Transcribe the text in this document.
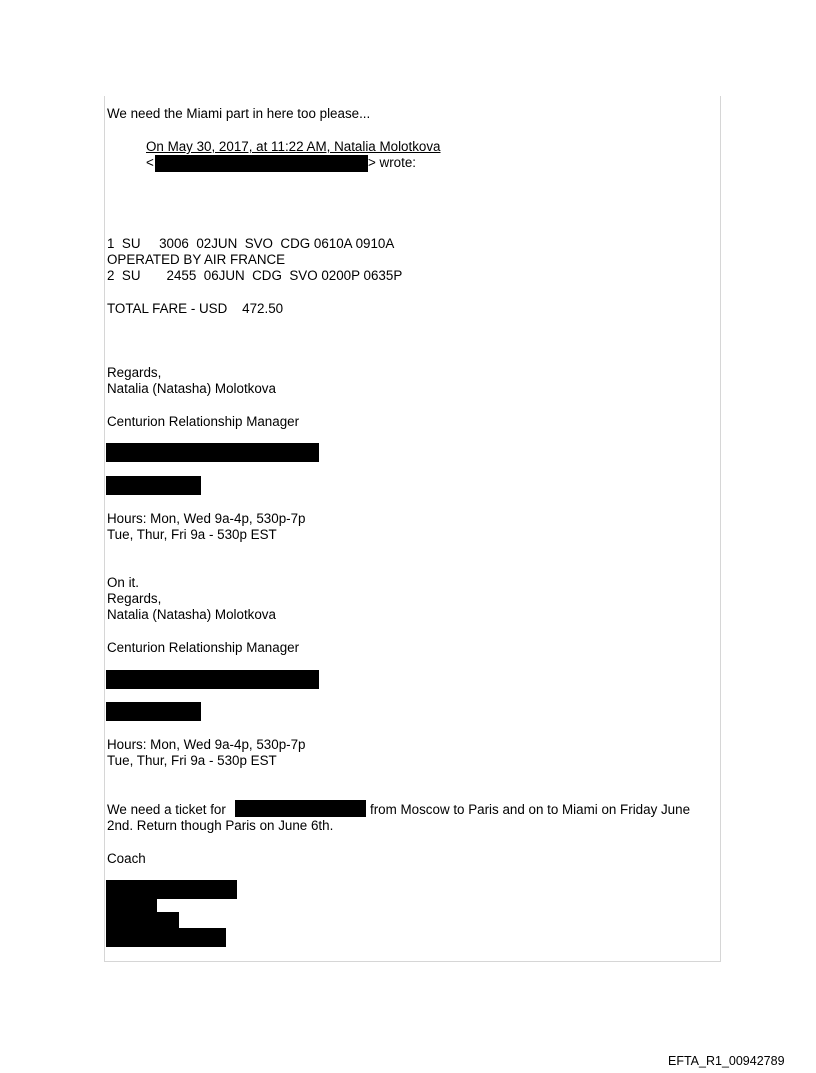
We need the Miami part in here too please...
On May 30, 2017, at 11:22 AM, Natalia Molotkova
<	> wrote:
1  SU     3006  02JUN  SVO  CDG 0610A 0910A
OPERATED BY AIR FRANCE
2  SU       2455  06JUN  CDG  SVO 0200P 0635P
TOTAL FARE - USD    472.50
Regards,
Natalia (Natasha) Molotkova
Centurion Relationship Manager
Hours: Mon, Wed 9a-4p, 530p-7p
Tue, Thur, Fri 9a - 530p EST
On it.
Regards,
Natalia (Natasha) Molotkova
Centurion Relationship Manager
Hours: Mon, Wed 9a-4p, 530p-7p
Tue, Thur, Fri 9a - 530p EST
We need a ticket for	from Moscow to Paris and on to Miami on Friday June
2nd. Return though Paris on June 6th.
Coach
EFTA_R1_00942789
